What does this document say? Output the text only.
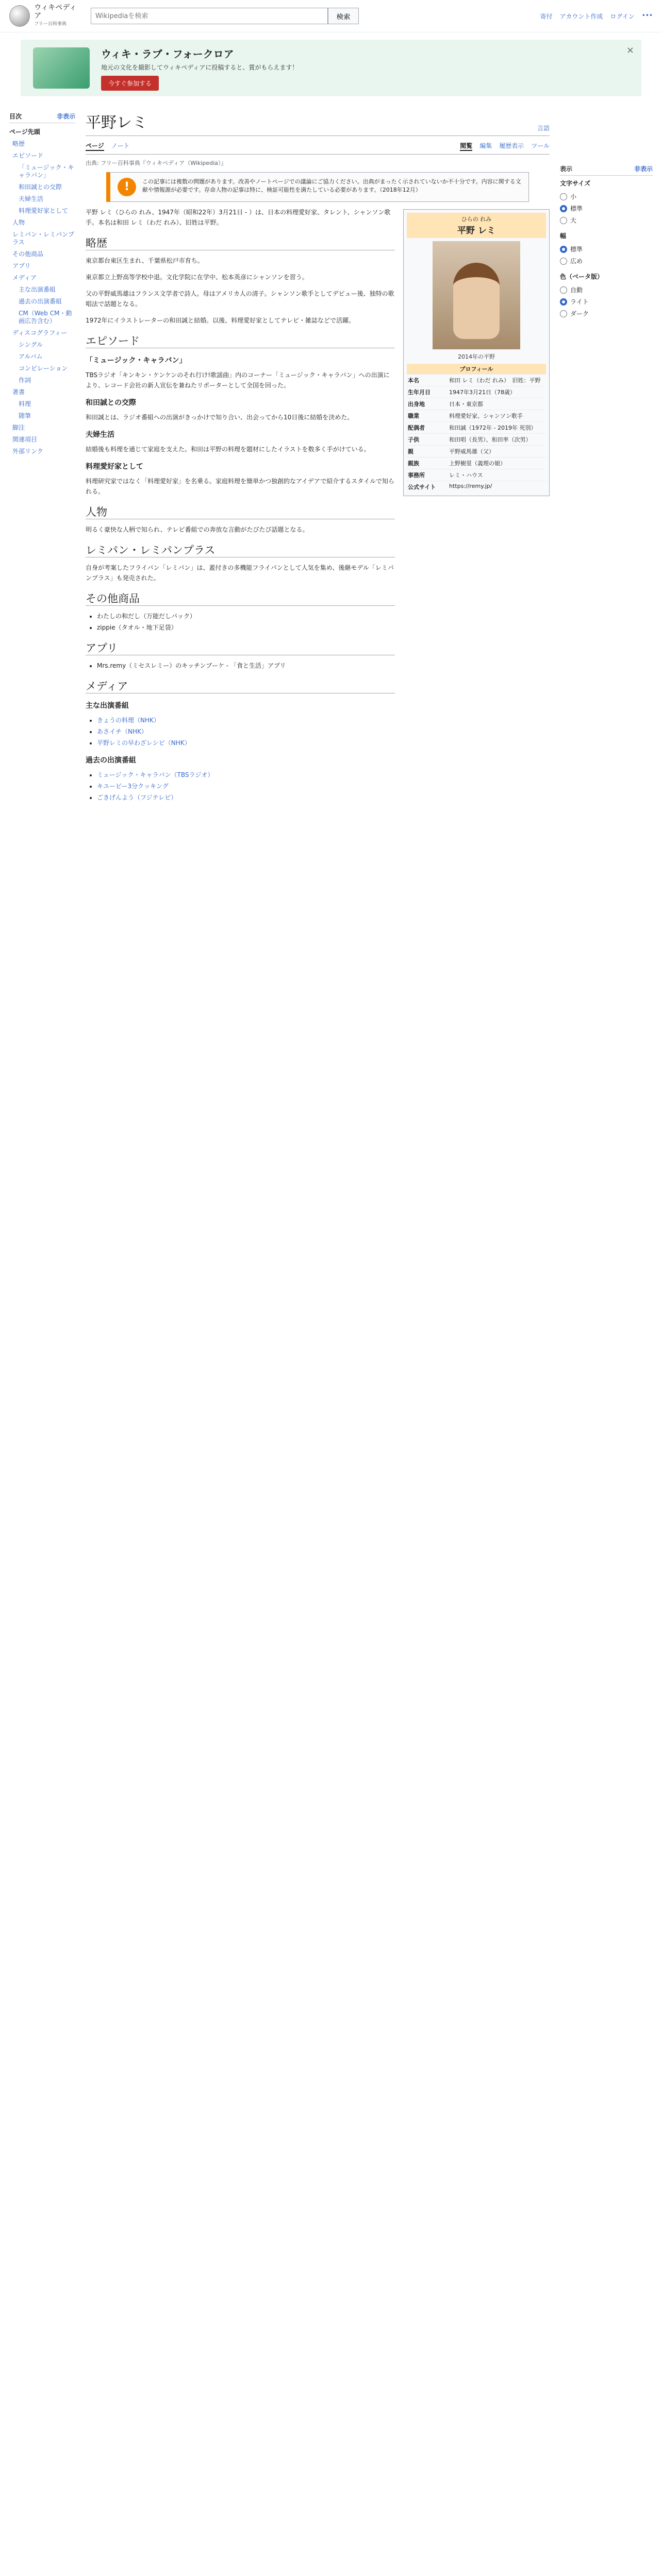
ウィキペディア
フリー百科事典
Wikipediaを検索
検索	寄付 アカウント作成 ログイン •••
ウィキ・ラブ・フォークロア
地元の文化を撮影してウィキペディアに投稿すると、賞がもらえます！
今すぐ参加する
×
目次	非表示
ページ先頭
略歴
エピソード
「ミュージック・キャラバン」
和田誠との交際
夫婦生活
料理愛好家として
人物
レミパン・レミパンプラス
その他商品
アプリ
メディア
主な出演番組
過去の出演番組
CM（Web CM・動画広告含む）
ディスコグラフィー
シングル
アルバム
コンピレーション
作詞
著書
料理
随筆
脚注
関連項目
外部リンク
平野レミ	言語
ページ ノート	閲覧 編集 履歴表示 ツール
出典: フリー百科事典『ウィキペディア（Wikipedia）』
!	この記事には複数の問題があります。改善やノートページでの議論にご協力ください。出典がまったく示されていないか不十分です。内容に関する文献や情報源が必要です。存命人物の記事は特に、検証可能性を満たしている必要があります。（2018年12月）

平野 レミ（ひらの れみ、1947年（昭和22年）3月21日 - ）は、日本の料理愛好家、タレント、シャンソン歌手。本名は和田 レミ（わだ れみ）、旧姓は平野。

略歴

東京都台東区生まれ、千葉県松戸市育ち。

東京都立上野高等学校中退。文化学院に在学中、松本英彦にシャンソンを習う。

父の平野威馬雄はフランス文学者で詩人。母はアメリカ人の清子。シャンソン歌手としてデビュー後、独特の歌唱法で話題となる。

1972年にイラストレーターの和田誠と結婚。以後、料理愛好家としてテレビ・雑誌などで活躍。

エピソード
「ミュージック・キャラバン」

TBSラジオ「キンキン・ケンケンのそれ行け!歌謡曲」内のコーナー「ミュージック・キャラバン」への出演により、レコード会社の新人宣伝を兼ねたリポーターとして全国を回った。

和田誠との交際

和田誠とは、ラジオ番組への出演がきっかけで知り合い、出会ってから10日後に結婚を決めた。

夫婦生活

結婚後も料理を通じて家庭を支えた。和田は平野の料理を題材にしたイラストを数多く手がけている。

料理愛好家として

料理研究家ではなく「料理愛好家」を名乗る。家庭料理を簡単かつ独創的なアイデアで紹介するスタイルで知られる。

人物

明るく豪快な人柄で知られ、テレビ番組での奔放な言動がたびたび話題となる。

レミパン・レミパンプラス

自身が考案したフライパン「レミパン」は、蓋付きの多機能フライパンとして人気を集め、後継モデル「レミパンプラス」も発売された。

その他商品
• わたしの和だし（万能だしパック）
• zippie（タオル・地下足袋）
アプリ
• Mrs.remy（ミセスレミー）のキッチンブーケ - 「食と生活」アプリ
メディア
主な出演番組
• きょうの料理（NHK）
• あさイチ（NHK）
• 平野レミの早わざレシピ（NHK）
過去の出演番組
• ミュージック・キャラバン（TBSラジオ）
• キユーピー3分クッキング
• ごきげんよう（フジテレビ）
ひらの れみ
平野 レミ
2014年の平野
プロフィール
本名	和田 レミ（わだ れみ）　旧姓：平野
生年月日	1947年3月21日（78歳）
出身地	日本・東京都
職業	料理愛好家、シャンソン歌手
配偶者	和田誠（1972年 - 2019年 死別）
子供	和田唱（長男）、和田率（次男）
親	平野威馬雄（父）
親族	上野樹里（義理の娘）
事務所	レミ・ハウス
公式サイト	https://remy.jp/
表示	非表示
文字サイズ
小
標準
大
幅
標準
広め
色（ベータ版）
自動
ライト
ダーク
